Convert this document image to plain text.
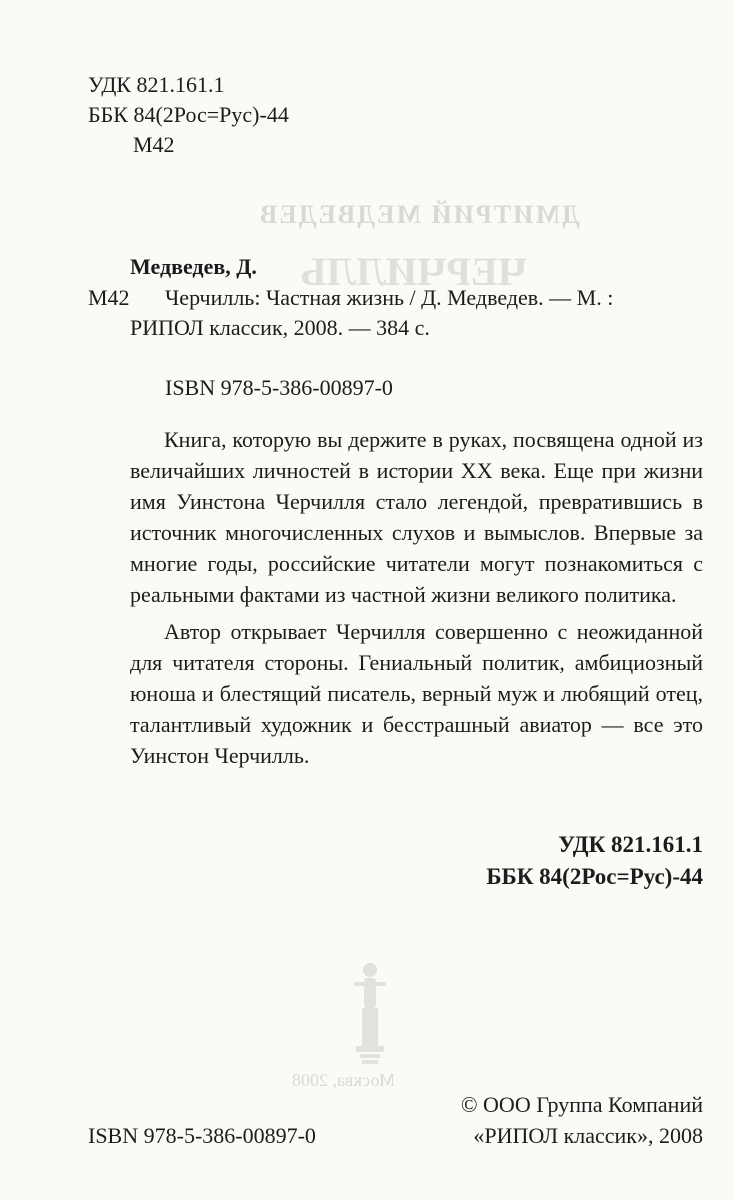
ДМИТРИЙ МЕДВЕДЕВ
ЧЕРЧИЛЛЬ
Москва, 2008
УДК 821.161.1
ББК 84(2Рос=Рус)-44
М42
Медведев, Д.
М42 Черчилль: Частная жизнь / Д. Медведев. — М. :
РИПОЛ классик, 2008. — 384 с.
ISBN 978-5-386-00897-0

Книга, которую вы держите в руках, посвящена одной из величайших личностей в истории XX века. Еще при жизни имя Уинстона Черчилля стало легендой, превратившись в источник многочисленных слухов и вымыслов. Впервые за многие годы, российские читатели могут познакомиться с реальными фактами из частной жизни великого политика.

Автор открывает Черчилля совершенно с неожиданной для читателя стороны. Гениальный политик, амбициозный юноша и блестящий писатель, верный муж и любящий отец, талантливый художник и бесстрашный авиатор — все это Уинстон Черчилль.

УДК 821.161.1
ББК 84(2Рос=Рус)-44
ISBN 978-5-386-00897-0
© ООО Группа Компаний
«РИПОЛ классик», 2008
